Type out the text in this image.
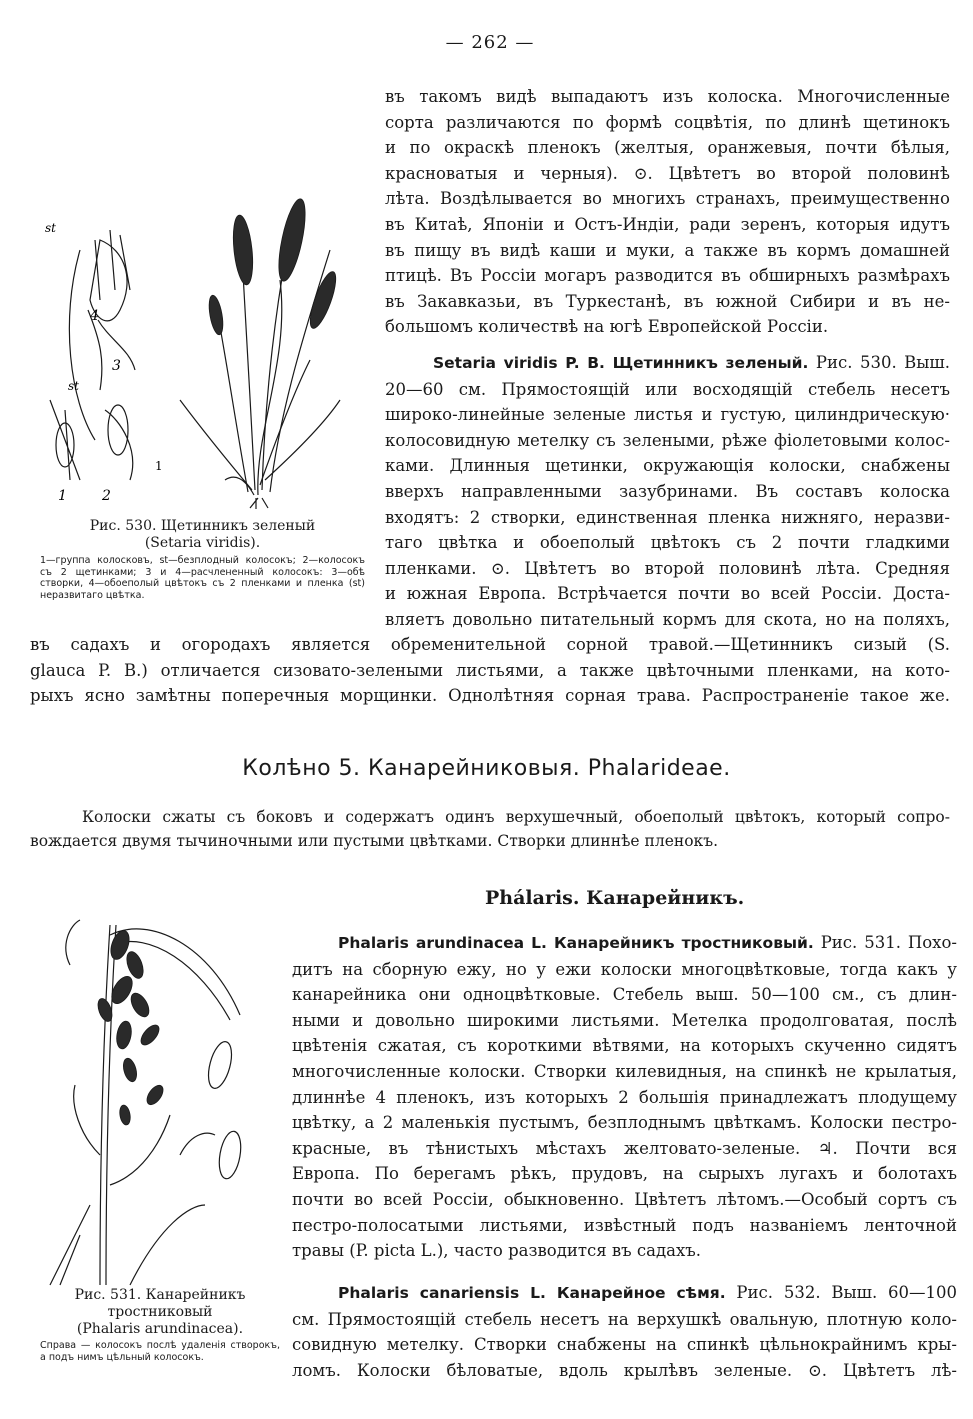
— 262 —
st
4
3
st
1
2
1
Рис. 530. Щетинникъ зеленый
(Setaria viridis).
1—группа колосковъ, st—безплодный колосокъ; 2—колосокъ съ 2 щетинками; 3 и 4—расчлененный колосокъ: 3—обѣ створки, 4—обоеполый цвѣтокъ съ 2 пленками и пленка (st) неразвитаго цвѣтка.
въ такомъ видѣ выпадаютъ изъ колоска. Многочисленные
сорта различаются по формѣ соцвѣтія, по длинѣ щетинокъ
и по окраскѣ пленокъ (желтыя, оранжевыя, почти бѣлыя,
красноватыя и черныя). ⊙. Цвѣтетъ во второй половинѣ
лѣта. Воздѣлывается во многихъ странахъ, преимущественно
въ Китаѣ, Японіи и Остъ-Индіи, ради зеренъ, которыя идутъ
въ пищу въ видѣ каши и муки, а также въ кормъ домашней
птицѣ. Въ Россіи могаръ разводится въ обширныхъ размѣрахъ
въ Закавказьи, въ Туркестанѣ, въ южной Сибири и въ не-
большомъ количествѣ на югѣ Европейской Россіи.
Setaria viridis P. B. Щетинникъ зеленый. Рис. 530. Выш.
20—60 см. Прямостоящій или восходящій стебель несетъ
широко-линейные зеленые листья и густую, цилиндрическую·
колосовидную метелку съ зелеными, рѣже фіолетовыми колос-
ками. Длинныя щетинки, окружающія колоски, снабжены
вверхъ направленными зазубринами. Въ составъ колоска
входятъ: 2 створки, единственная пленка нижняго, неразви-
таго цвѣтка и обоеполый цвѣтокъ съ 2 почти гладкими
пленками. ⊙. Цвѣтетъ во второй половинѣ лѣта. Средняя
и южная Европа. Встрѣчается почти во всей Россіи. Доста-
вляетъ довольно питательный кормъ для скота, но на поляхъ,
въ садахъ и огородахъ является обременительной сорной травой.—Щетинникъ сизый (S.
glauca P. B.) отличается сизовато-зелеными листьями, а также цвѣточными пленками, на кото-
рыхъ ясно замѣтны поперечныя морщинки. Однолѣтняя сорная трава. Распространеніе такое же.
Колѣно 5. Канарейниковыя. Phalarideae.
Колоски сжаты съ боковъ и содержатъ одинъ верхушечный, обоеполый цвѣтокъ, который сопро-
вождается двумя тычиночными или пустыми цвѣтками. Створки длиннѣе пленокъ.
Phálaris. Канарейникъ.
Рис. 531. Канарейникъ
тростниковый
(Phalaris arundinacea).
Справа — колосокъ послѣ удаленія створокъ, а подъ нимъ цѣльный колосокъ.
Phalaris arundinacea L. Канарейникъ тростниковый. Рис. 531. Похо-
дитъ на сборную ежу, но у ежи колоски многоцвѣтковые, тогда какъ у
канарейника они одноцвѣтковые. Стебель выш. 50—100 см., съ длин-
ными и довольно широкими листьями. Метелка продолговатая, послѣ
цвѣтенія сжатая, съ короткими вѣтвями, на которыхъ скученно сидятъ
многочисленные колоски. Створки килевидныя, на спинкѣ не крылатыя,
длиннѣе 4 пленокъ, изъ которыхъ 2 большія принадлежатъ плодущему
цвѣтку, а 2 маленькія пустымъ, безплоднымъ цвѣткамъ. Колоски пестро-
красные, въ тѣнистыхъ мѣстахъ желтовато-зеленые. ♃. Почти вся
Европа. По берегамъ рѣкъ, прудовъ, на сырыхъ лугахъ и болотахъ
почти во всей Россіи, обыкновенно. Цвѣтетъ лѣтомъ.—Особый сортъ съ
пестро-полосатыми листьями, извѣстный подъ названіемъ ленточной
травы (P. picta L.), часто разводится въ садахъ.
Phalaris canariensis L. Канарейное сѣмя. Рис. 532. Выш. 60—100
см. Прямостоящій стебель несетъ на верхушкѣ овальную, плотную коло-
совидную метелку. Створки снабжены на спинкѣ цѣльнокрайнимъ кры-
ломъ. Колоски бѣловатые, вдоль крылѣвъ зеленые. ⊙. Цвѣтетъ лѣ-
